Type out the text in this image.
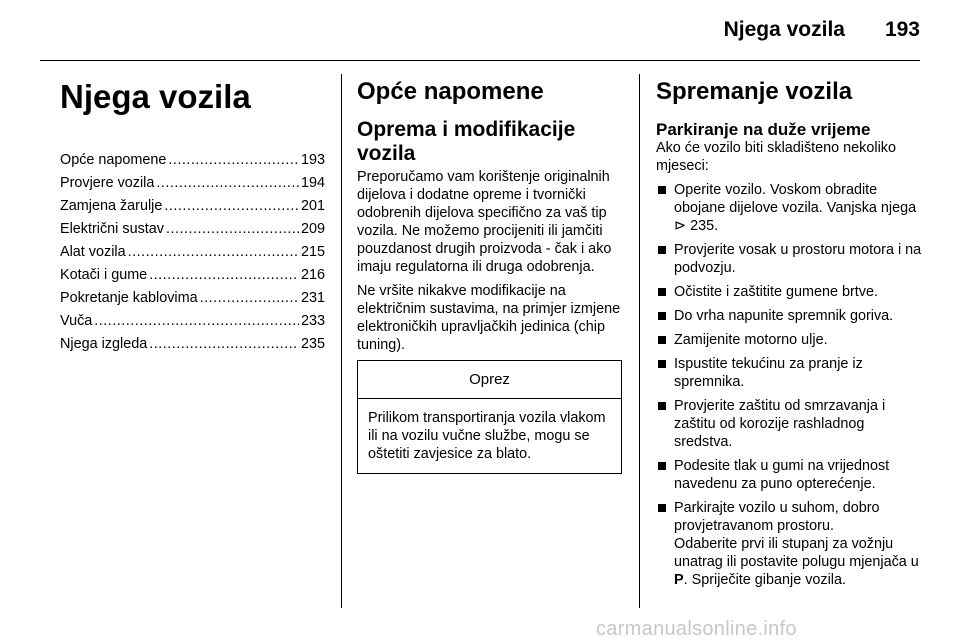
Njega vozila 193
Njega vozila
Opće napomene .....	193
Provjere vozila .....	194
Zamjena žarulje .....	201
Električni sustav .....	209
Alat vozila .....	215
Kotači i gume .....	216
Pokretanje kablovima .....	231
Vuča .....	233
Njega izgleda .....	235
Opće napomene
Oprema i modifikacije vozila

Preporučamo vam korištenje originalnih dijelova i dodatne opreme i tvornički odobrenih dijelova specifično za vaš tip vozila. Ne možemo procijeniti ili jamčiti pouzdanost drugih proizvoda - čak i ako imaju regulatorna ili druga odobrenja.

Ne vršite nikakve modifikacije na električnim sustavima, na primjer izmjene elektroničkih upravljačkih jedinica (chip tuning).

Oprez
Prilikom transportiranja vozila vlakom ili na vozilu vučne službe, mogu se oštetiti zavjesice za blato.
Spremanje vozila
Parkiranje na duže vrijeme

Ako će vozilo biti skladišteno nekoliko mjeseci:

Operite vozilo. Voskom obradite obojane dijelove vozila. Vanjska njega ⊳ 235.
Provjerite vosak u prostoru motora i na podvozju.
Očistite i zaštitite gumene brtve.
Do vrha napunite spremnik goriva.
Zamijenite motorno ulje.
Ispustite tekućinu za pranje iz spremnika.
Provjerite zaštitu od smrzavanja i zaštitu od korozije rashladnog sredstva.
Podesite tlak u gumi na vrijednost navedenu za puno opterećenje.
Parkirajte vozilo u suhom, dobro provjetravanom prostoru.
Odaberite prvi ili stupanj za vožnju unatrag ili postavite polugu mjenjača u P. Spriječite gibanje vozila.
carmanualsonline.info
